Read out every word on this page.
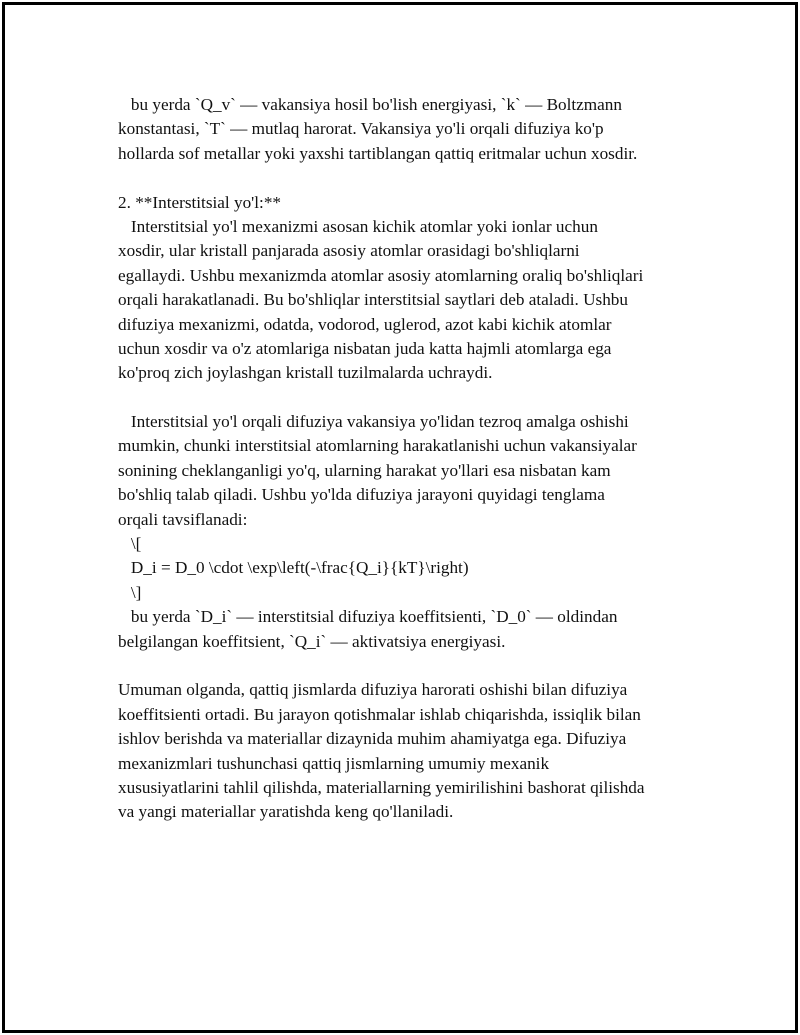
bu yerda `Q_v` — vakansiya hosil bo'lish energiyasi, `k` — Boltzmann
konstantasi, `T` — mutlaq harorat. Vakansiya yo'li orqali difuziya ko'p
hollarda sof metallar yoki yaxshi tartiblangan qattiq eritmalar uchun xosdir.
2. **Interstitsial yo'l:**
Interstitsial yo'l mexanizmi asosan kichik atomlar yoki ionlar uchun
xosdir, ular kristall panjarada asosiy atomlar orasidagi bo'shliqlarni
egallaydi. Ushbu mexanizmda atomlar asosiy atomlarning oraliq bo'shliqlari
orqali harakatlanadi. Bu bo'shliqlar interstitsial saytlari deb ataladi. Ushbu
difuziya mexanizmi, odatda, vodorod, uglerod, azot kabi kichik atomlar
uchun xosdir va o'z atomlariga nisbatan juda katta hajmli atomlarga ega
ko'proq zich joylashgan kristall tuzilmalarda uchraydi.
Interstitsial yo'l orqali difuziya vakansiya yo'lidan tezroq amalga oshishi
mumkin, chunki interstitsial atomlarning harakatlanishi uchun vakansiyalar
sonining cheklanganligi yo'q, ularning harakat yo'llari esa nisbatan kam
bo'shliq talab qiladi. Ushbu yo'lda difuziya jarayoni quyidagi tenglama
orqali tavsiflanadi:
\[
D_i = D_0 \cdot \exp\left(-\frac{Q_i}{kT}\right)
\]
bu yerda `D_i` — interstitsial difuziya koeffitsienti, `D_0` — oldindan
belgilangan koeffitsient, `Q_i` — aktivatsiya energiyasi.
Umuman olganda, qattiq jismlarda difuziya harorati oshishi bilan difuziya
koeffitsienti ortadi. Bu jarayon qotishmalar ishlab chiqarishda, issiqlik bilan
ishlov berishda va materiallar dizaynida muhim ahamiyatga ega. Difuziya
mexanizmlari tushunchasi qattiq jismlarning umumiy mexanik
xususiyatlarini tahlil qilishda, materiallarning yemirilishini bashorat qilishda
va yangi materiallar yaratishda keng qo'llaniladi.
